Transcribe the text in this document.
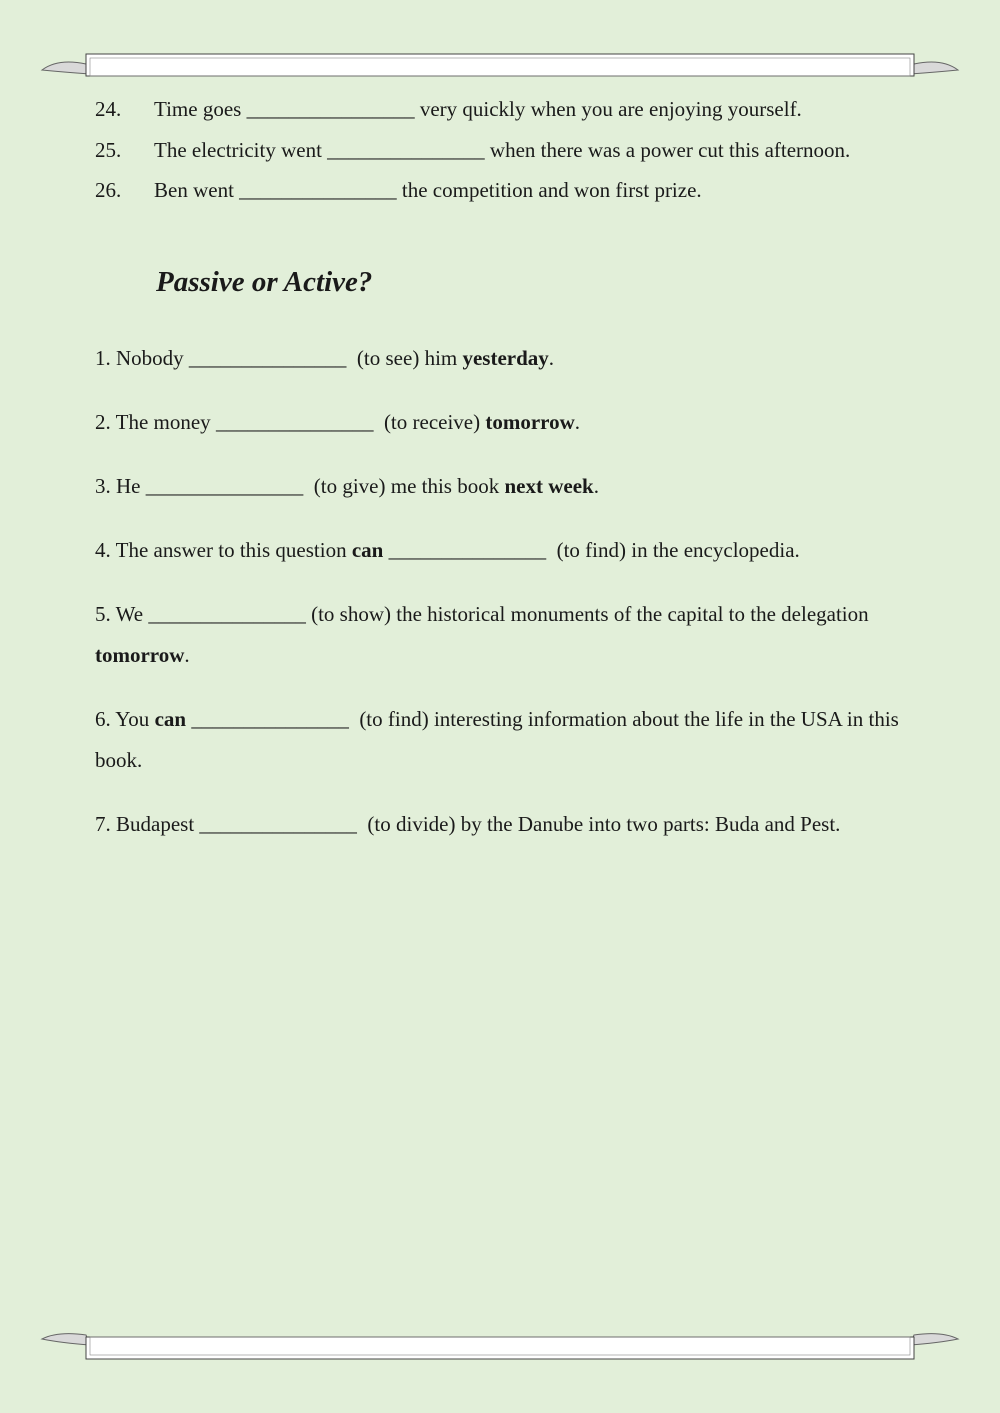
24.	Time goes ________________ very quickly when you are enjoying yourself.
25.	The electricity went _______________ when there was a power cut this afternoon.
26.	Ben went _______________ the competition and won first prize.
Passive or Active?
1. Nobody _______________ (to see) him yesterday.
2. The money _______________ (to receive) tomorrow.
3. He _______________ (to give) me this book next week.
4. The answer to this question can _______________ (to find) in the encyclopedia.
5. We _______________ (to show) the historical monuments of the capital to the delegation tomorrow.
6. You can _______________ (to find) interesting information about the life in the USA in this book.
7. Budapest _______________ (to divide) by the Danube into two parts: Buda and Pest.
